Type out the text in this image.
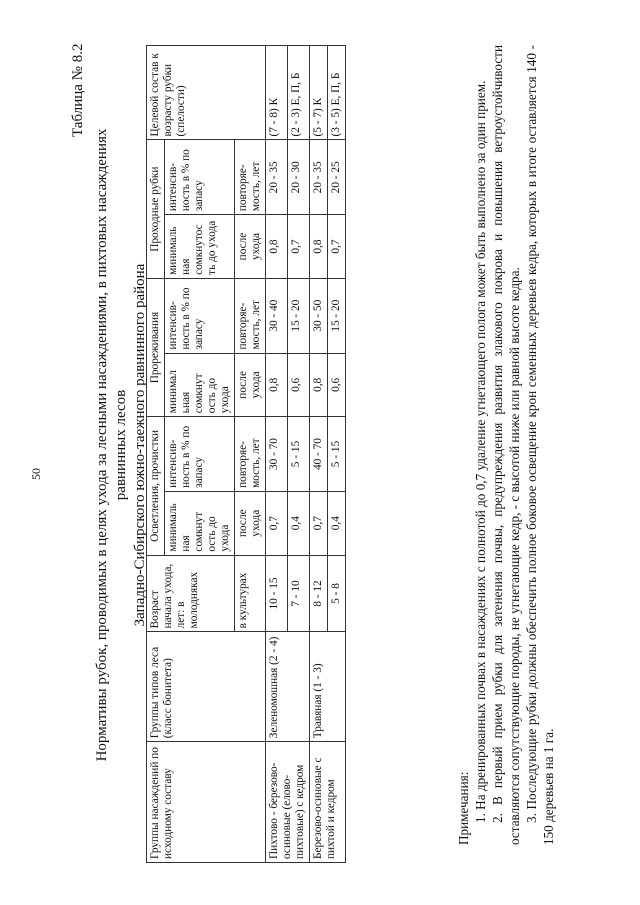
50
Таблица № 8.2
Нормативы рубок, проводимых в целях ухода за лесными насаждениями, в пихтовых насаждениях равнинных лесов Западно-Сибирского южно-таежного равнинного района
Группы насаждений по исходному составу	Группы типов леса (класс бонитета)	Возраст начала ухода, лет: в молодняках	Осветления, прочистки		Прореживания		Проходные рубки		Целевой состав к возрасту рубки (спелости)
			минималь ная сомкнут ость до ухода	интенсив- ность в % по запасу	минимал ьная сомкнут ость до ухода	интенсив- ность в % по запасу	минималь ная сомкнутос ть до ухода	интенсив- ность в % по запасу	
		в культурах	после ухода	повторяе- мость, лет	после ухода	повторяе- мость, лет	после ухода	повторяе- мость, лет	
Пихтово - березово- осиновые (елово- пихтовые) с кедром	Зеленомошная (2 - 4)	10 - 15	0,7	30 - 70	0,8	30 - 40	0,8	20 - 35	(7 - 8) К
		7 - 10	0,4	5 - 15	0,6	15 - 20	0,7	20 - 30	(2 - 3) Е, П, Б
Березово-осиновые с пихтой и кедром	Травяная (1 - 3)	8 - 12	0,7	40 - 70	0,8	30 - 50	0,8	20 - 35	(5 - 7) К
		5 - 8	0,4	5 - 15	0,6	15 - 20	0,7	20 - 25	(3 - 5) Е, П, Б

Примечания: 1. На дренированных почвах в насаждениях с полнотой до 0,7 удаление угнетающего полога может быть выполнено за один прием. 2. В первый прием рубки для затенения почвы, предупреждения развития злакового покрова и повышения ветроустойчивости оставляются сопутствующие породы, не угнетающие кедр, - с высотой ниже или равной высоте кедра. 3. Последующие рубки должны обеспечить полное боковое освещение крон семенных деревьев кедра, которых в итоге оставляется 140 - 150 деревьев на 1 га.
